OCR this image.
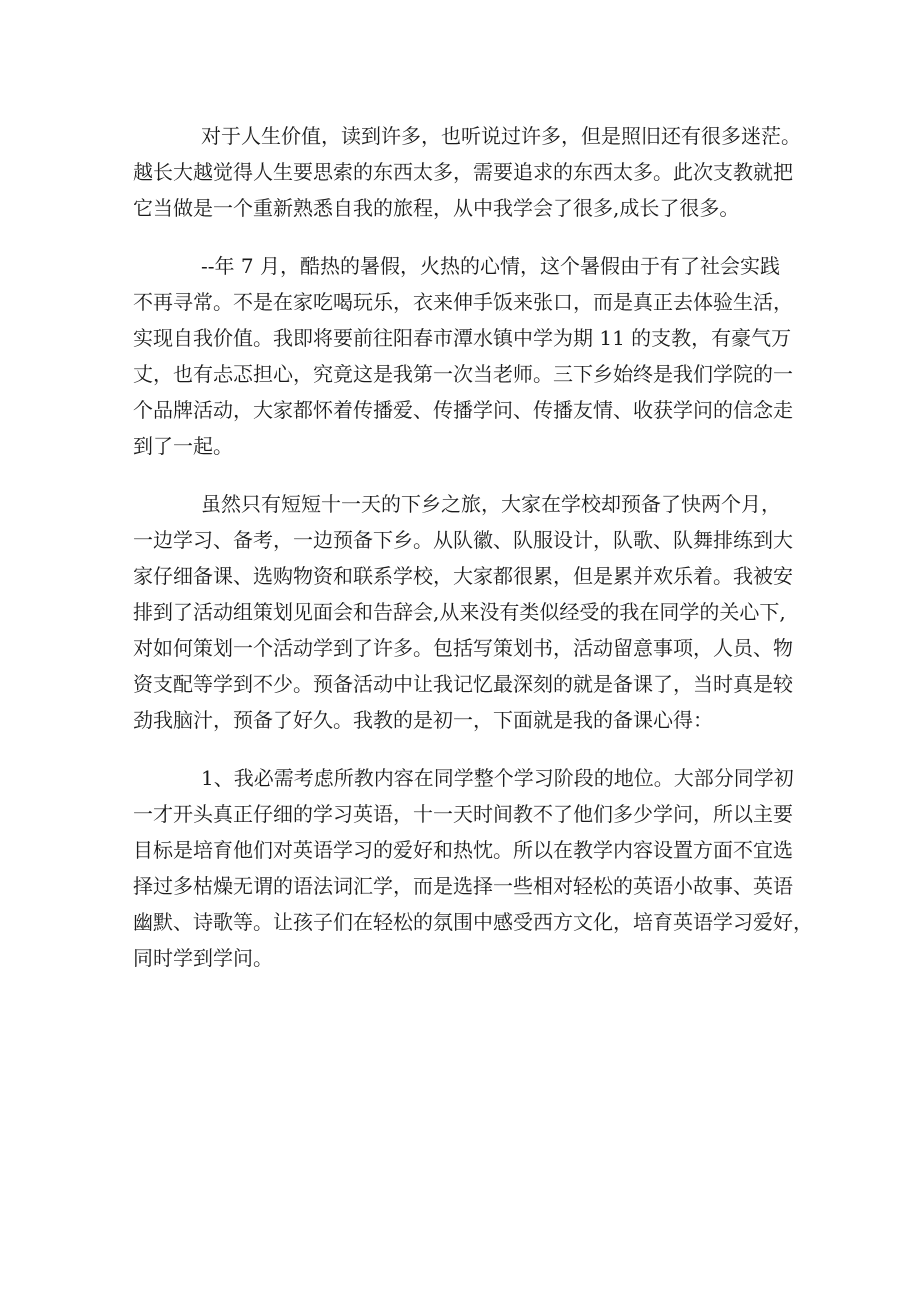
对于人生价值，读到许多，也听说过许多，但是照旧还有很多迷茫。
越长大越觉得人生要思索的东西太多，需要追求的东西太多。此次支教就把
它当做是一个重新熟悉自我的旅程，从中我学会了很多,成长了很多。
--年 7 月，酷热的暑假，火热的心情，这个暑假由于有了社会实践
不再寻常。不是在家吃喝玩乐，衣来伸手饭来张口，而是真正去体验生活，
实现自我价值。我即将要前往阳春市潭水镇中学为期 11 的支教，有豪气万
丈，也有忐忑担心，究竟这是我第一次当老师。三下乡始终是我们学院的一
个品牌活动，大家都怀着传播爱、传播学问、传播友情、收获学问的信念走
到了一起。
虽然只有短短十一天的下乡之旅，大家在学校却预备了快两个月，
一边学习、备考，一边预备下乡。从队徽、队服设计，队歌、队舞排练到大
家仔细备课、选购物资和联系学校，大家都很累，但是累并欢乐着。我被安
排到了活动组策划见面会和告辞会,从来没有类似经受的我在同学的关心下,
对如何策划一个活动学到了许多。包括写策划书，活动留意事项，人员、物
资支配等学到不少。预备活动中让我记忆最深刻的就是备课了，当时真是较
劲我脑汁，预备了好久。我教的是初一，下面就是我的备课心得：
1、我必需考虑所教内容在同学整个学习阶段的地位。大部分同学初
一才开头真正仔细的学习英语，十一天时间教不了他们多少学问，所以主要
目标是培育他们对英语学习的爱好和热忱。所以在教学内容设置方面不宜选
择过多枯燥无谓的语法词汇学，而是选择一些相对轻松的英语小故事、英语
幽默、诗歌等。让孩子们在轻松的氛围中感受西方文化，培育英语学习爱好，
同时学到学问。
